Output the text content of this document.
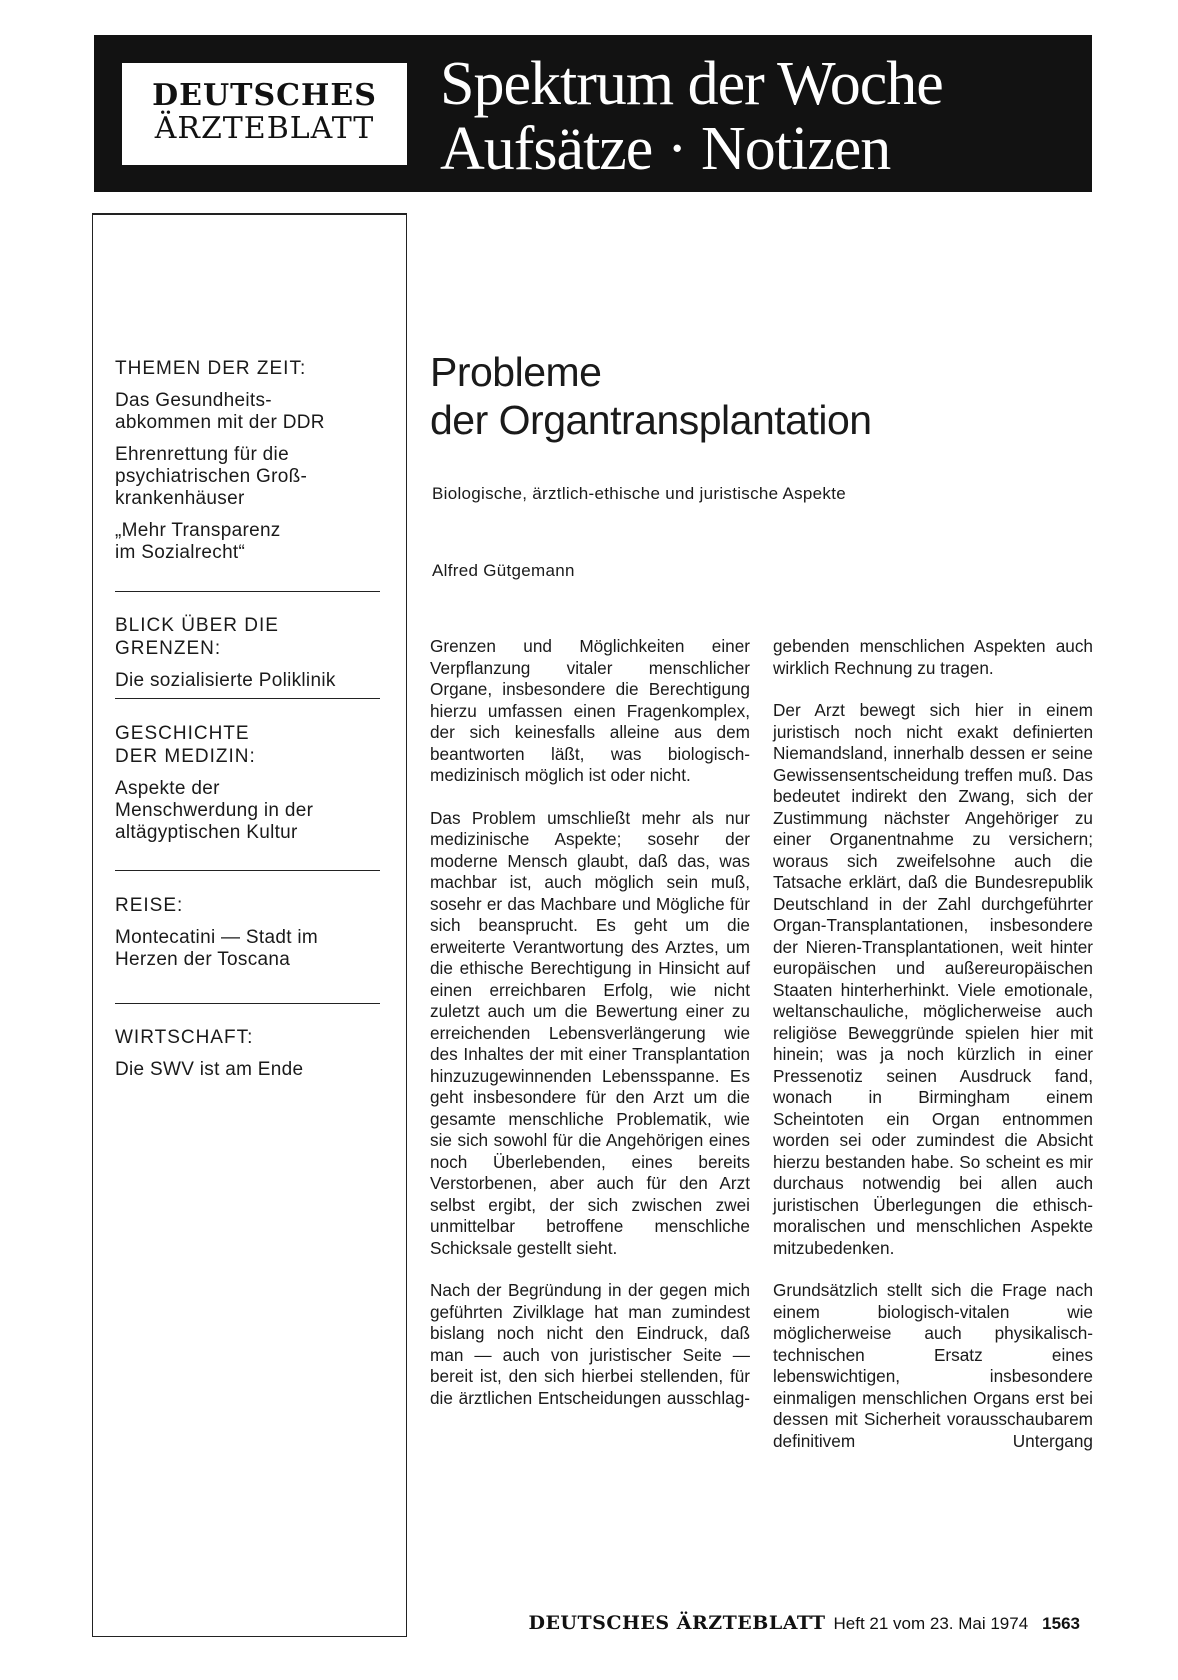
DEUTSCHES
ÄRZTEBLATT
Spektrum der Woche
Aufsätze · Notizen
THEMEN DER ZEIT:
Das Gesundheits-
abkommen mit der DDR
Ehrenrettung für die
psychiatrischen Groß-
krankenhäuser
„Mehr Transparenz
im Sozialrecht“
BLICK ÜBER DIE
GRENZEN:
Die sozialisierte Poliklinik
GESCHICHTE
DER MEDIZIN:
Aspekte der
Menschwerdung in der
altägyptischen Kultur
REISE:
Montecatini — Stadt im
Herzen der Toscana
WIRTSCHAFT:
Die SWV ist am Ende
Probleme
der Organtransplantation
Biologische, ärztlich-ethische und juristische Aspekte
Alfred Gütgemann

Grenzen und Möglichkeiten einer Verpflanzung vitaler menschlicher Organe, insbesondere die Berechtigung hierzu umfassen einen Fragenkomplex, der sich keinesfalls alleine aus dem beantworten läßt, was biologisch-medizinisch möglich ist oder nicht.

Das Problem umschließt mehr als nur medizinische Aspekte; sosehr der moderne Mensch glaubt, daß das, was machbar ist, auch möglich sein muß, sosehr er das Machbare und Mögliche für sich beansprucht. Es geht um die erweiterte Verantwortung des Arztes, um die ethische Berechtigung in Hinsicht auf einen erreichbaren Erfolg, wie nicht zuletzt auch um die Bewertung einer zu erreichenden Lebensverlängerung wie des Inhaltes der mit einer Transplantation hinzuzugewinnenden Lebensspanne. Es geht insbesondere für den Arzt um die gesamte menschliche Problematik, wie sie sich sowohl für die Angehörigen eines noch Überlebenden, eines bereits Verstorbenen, aber auch für den Arzt selbst ergibt, der sich zwischen zwei unmittelbar betroffene menschliche Schicksale gestellt sieht.

Nach der Begründung in der gegen mich geführten Zivilklage hat man zumindest bislang noch nicht den Eindruck, daß man — auch von juristischer Seite — bereit ist, den sich hierbei stellenden, für die ärztlichen Entscheidungen ausschlag-

gebenden menschlichen Aspekten auch wirklich Rechnung zu tragen.

Der Arzt bewegt sich hier in einem juristisch noch nicht exakt definierten Niemandsland, innerhalb dessen er seine Gewissensentscheidung treffen muß. Das bedeutet indirekt den Zwang, sich der Zustimmung nächster Angehöriger zu einer Organentnahme zu versichern; woraus sich zweifelsohne auch die Tatsache erklärt, daß die Bundesrepublik Deutschland in der Zahl durchgeführter Organ-Transplantationen, insbesondere der Nieren-Transplantationen, weit hinter europäischen und außereuropäischen Staaten hinterherhinkt. Viele emotionale, weltanschauliche, möglicherweise auch religiöse Beweggründe spielen hier mit hinein; was ja noch kürzlich in einer Pressenotiz seinen Ausdruck fand, wonach in Birmingham einem Scheintoten ein Organ entnommen worden sei oder zumindest die Absicht hierzu bestanden habe. So scheint es mir durchaus notwendig bei allen auch juristischen Überlegungen die ethisch-moralischen und menschlichen Aspekte mitzubedenken.

Grundsätzlich stellt sich die Frage nach einem biologisch-vitalen wie möglicherweise auch physikalisch-technischen Ersatz eines lebenswichtigen, insbesondere einmaligen menschlichen Organs erst bei dessen mit Sicherheit vorausschaubarem definitivem Untergang

DEUTSCHES ÄRZTEBLATT Heft 21 vom 23. Mai 1974 1563
